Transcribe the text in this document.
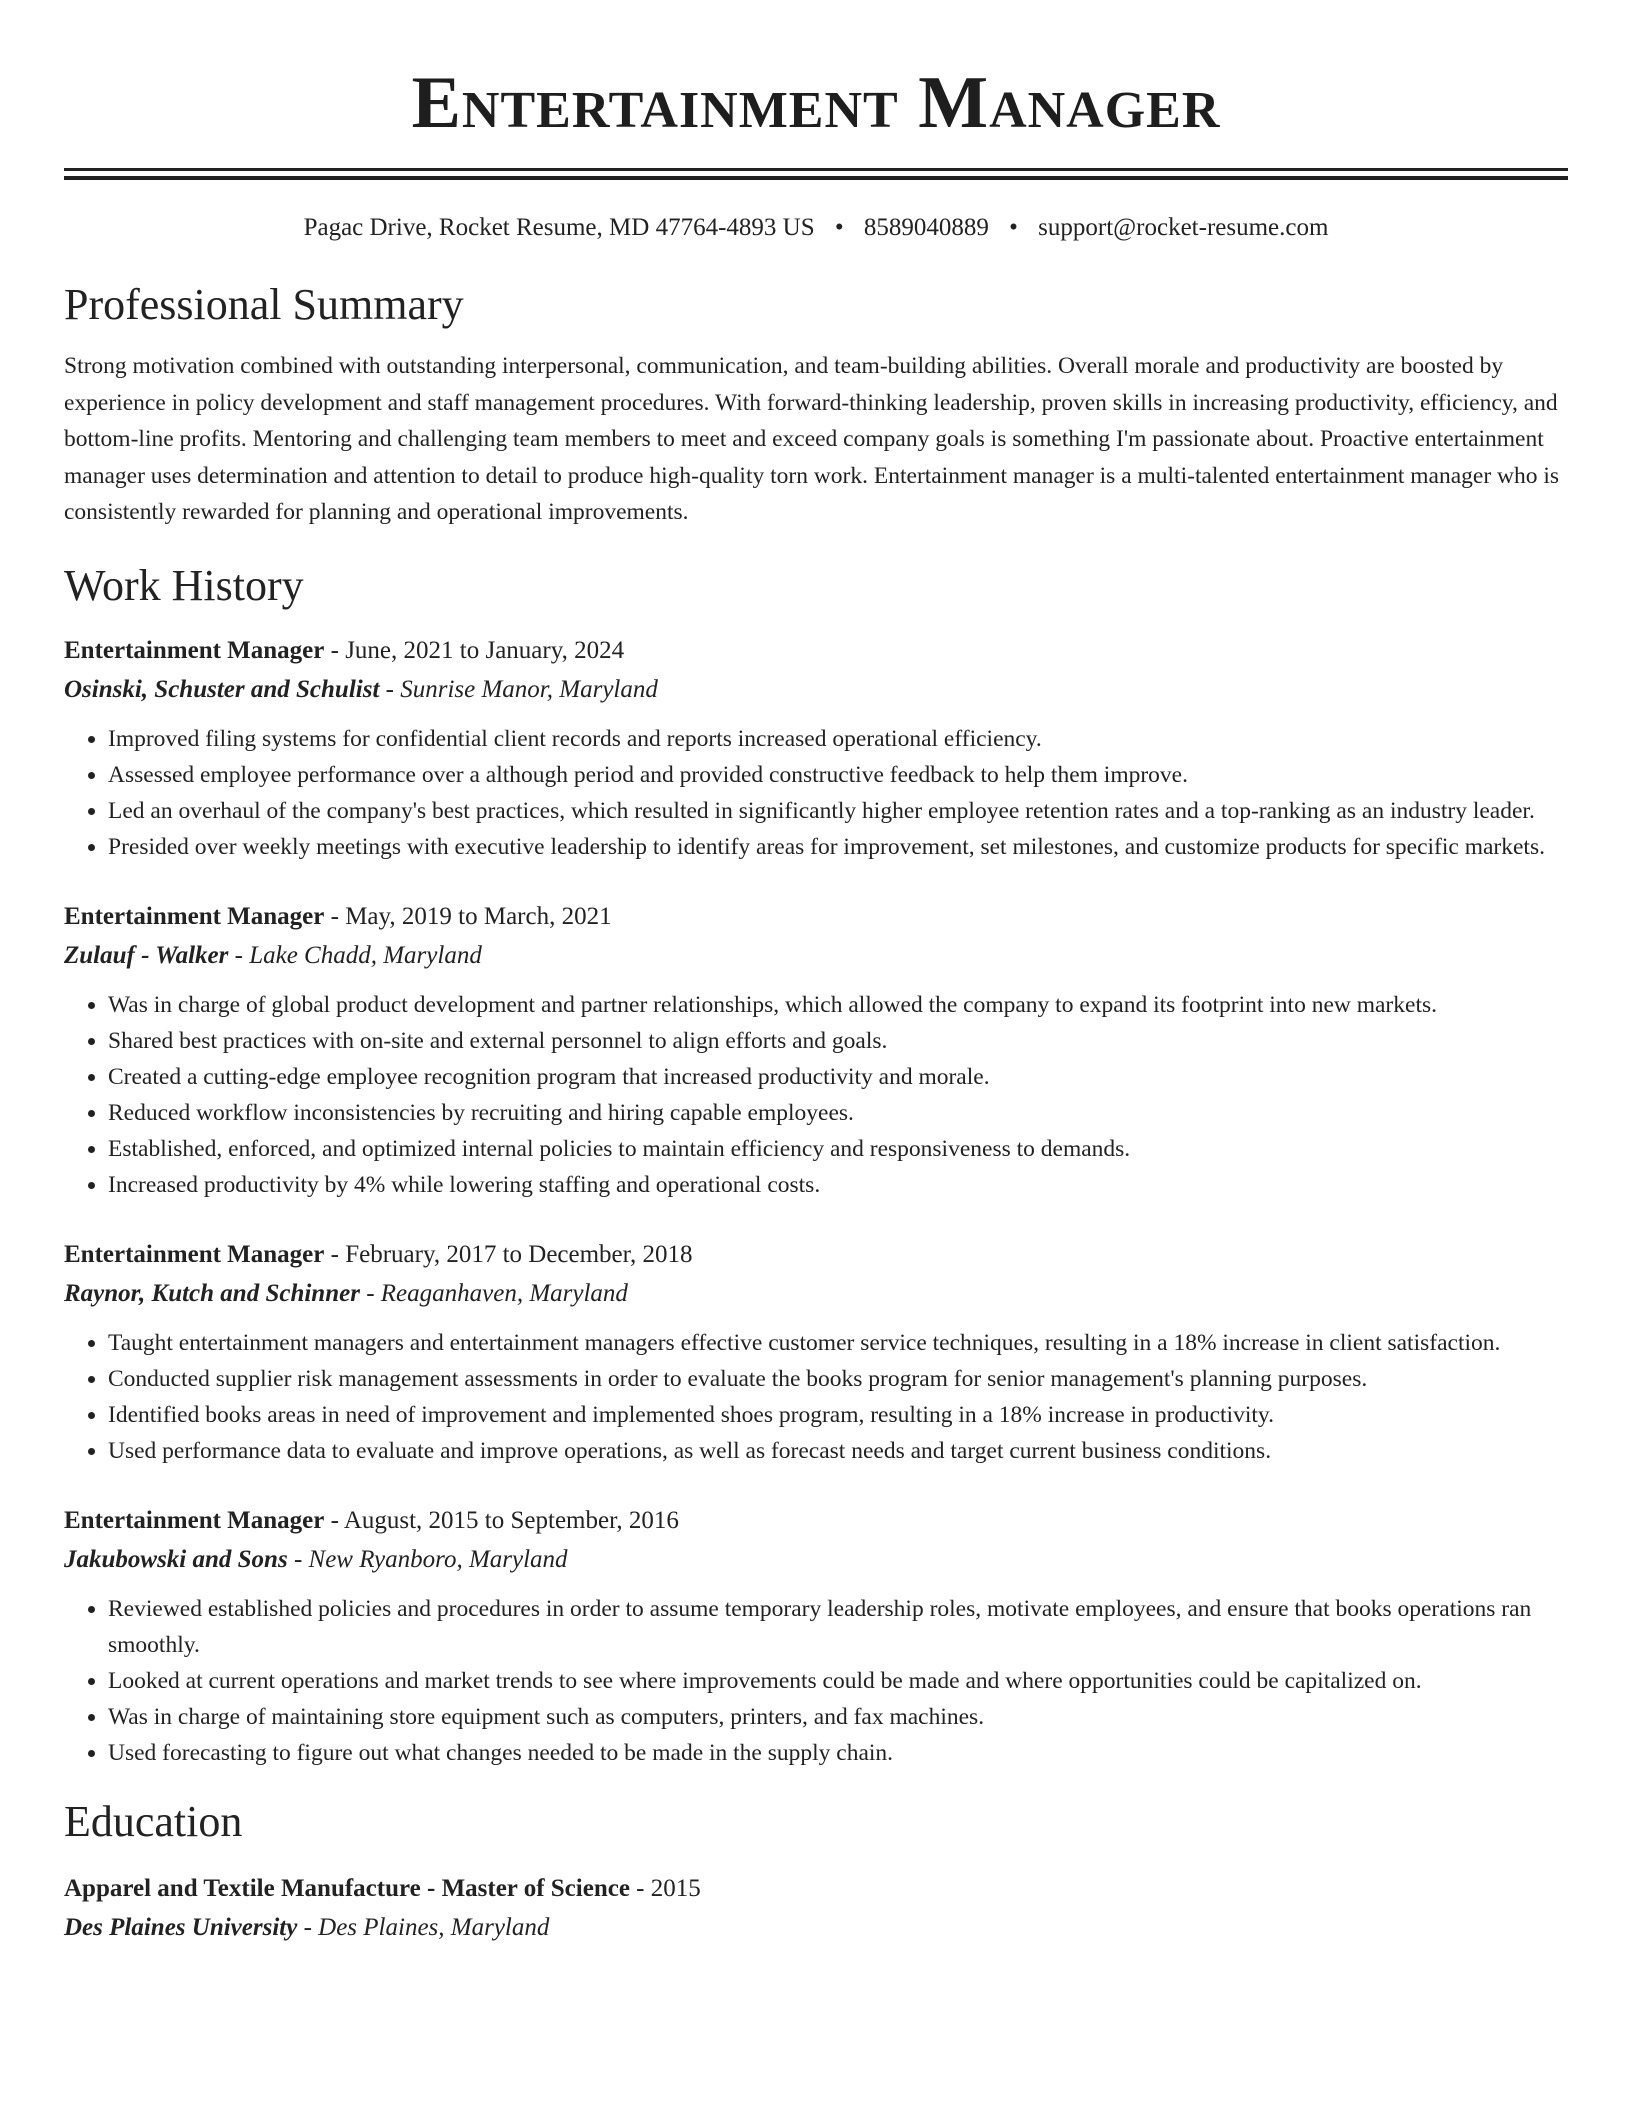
Entertainment Manager
Pagac Drive, Rocket Resume, MD 47764-4893 US • 8589040889 • support@rocket-resume.com
Professional Summary
Strong motivation combined with outstanding interpersonal, communication, and team-building abilities. Overall morale and productivity are boosted by experience in policy development and staff management procedures. With forward-thinking leadership, proven skills in increasing productivity, efficiency, and bottom-line profits. Mentoring and challenging team members to meet and exceed company goals is something I'm passionate about. Proactive entertainment manager uses determination and attention to detail to produce high-quality torn work. Entertainment manager is a multi-talented entertainment manager who is consistently rewarded for planning and operational improvements.
Work History
Entertainment Manager - June, 2021 to January, 2024
Osinski, Schuster and Schulist - Sunrise Manor, Maryland
• Improved filing systems for confidential client records and reports increased operational efficiency.
• Assessed employee performance over a although period and provided constructive feedback to help them improve.
• Led an overhaul of the company's best practices, which resulted in significantly higher employee retention rates and a top-ranking as an industry leader.
• Presided over weekly meetings with executive leadership to identify areas for improvement, set milestones, and customize products for specific markets.
Entertainment Manager - May, 2019 to March, 2021
Zulauf - Walker - Lake Chadd, Maryland
• Was in charge of global product development and partner relationships, which allowed the company to expand its footprint into new markets.
• Shared best practices with on-site and external personnel to align efforts and goals.
• Created a cutting-edge employee recognition program that increased productivity and morale.
• Reduced workflow inconsistencies by recruiting and hiring capable employees.
• Established, enforced, and optimized internal policies to maintain efficiency and responsiveness to demands.
• Increased productivity by 4% while lowering staffing and operational costs.
Entertainment Manager - February, 2017 to December, 2018
Raynor, Kutch and Schinner - Reaganhaven, Maryland
• Taught entertainment managers and entertainment managers effective customer service techniques, resulting in a 18% increase in client satisfaction.
• Conducted supplier risk management assessments in order to evaluate the books program for senior management's planning purposes.
• Identified books areas in need of improvement and implemented shoes program, resulting in a 18% increase in productivity.
• Used performance data to evaluate and improve operations, as well as forecast needs and target current business conditions.
Entertainment Manager - August, 2015 to September, 2016
Jakubowski and Sons - New Ryanboro, Maryland
• Reviewed established policies and procedures in order to assume temporary leadership roles, motivate employees, and ensure that books operations ran smoothly.
• Looked at current operations and market trends to see where improvements could be made and where opportunities could be capitalized on.
• Was in charge of maintaining store equipment such as computers, printers, and fax machines.
• Used forecasting to figure out what changes needed to be made in the supply chain.
Education
Apparel and Textile Manufacture - Master of Science - 2015
Des Plaines University - Des Plaines, Maryland
